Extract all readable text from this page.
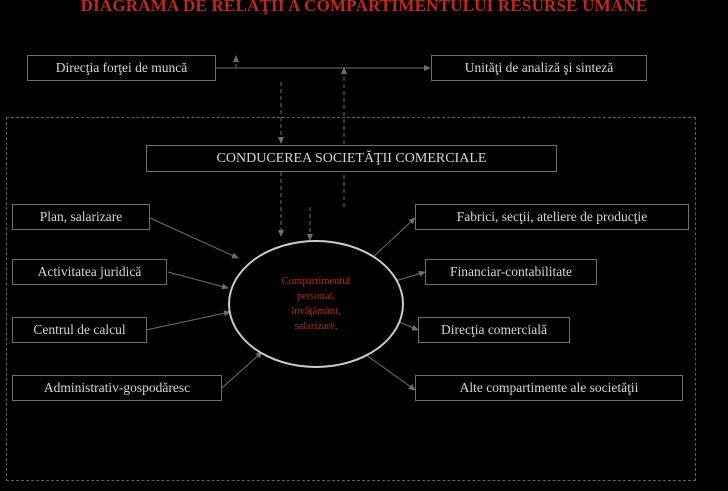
DIAGRAMA DE RELAŢII A COMPARTIMENTULUI RESURSE UMANE
Direcţia forţei de muncă	Unităţi de analiză şi sinteză
CONDUCEREA SOCIETĂŢII COMERCIALE
Plan, salarizare
Activitatea juridică
Centrul de calcul
Administrativ-gospodăresc
Fabrici, secţii, ateliere de producţie
Financiar-contabilitate
Direcţia comercială
Alte compartimente ale societăţii
Compartimentul
personal,
învăţământ,
salarizare,
